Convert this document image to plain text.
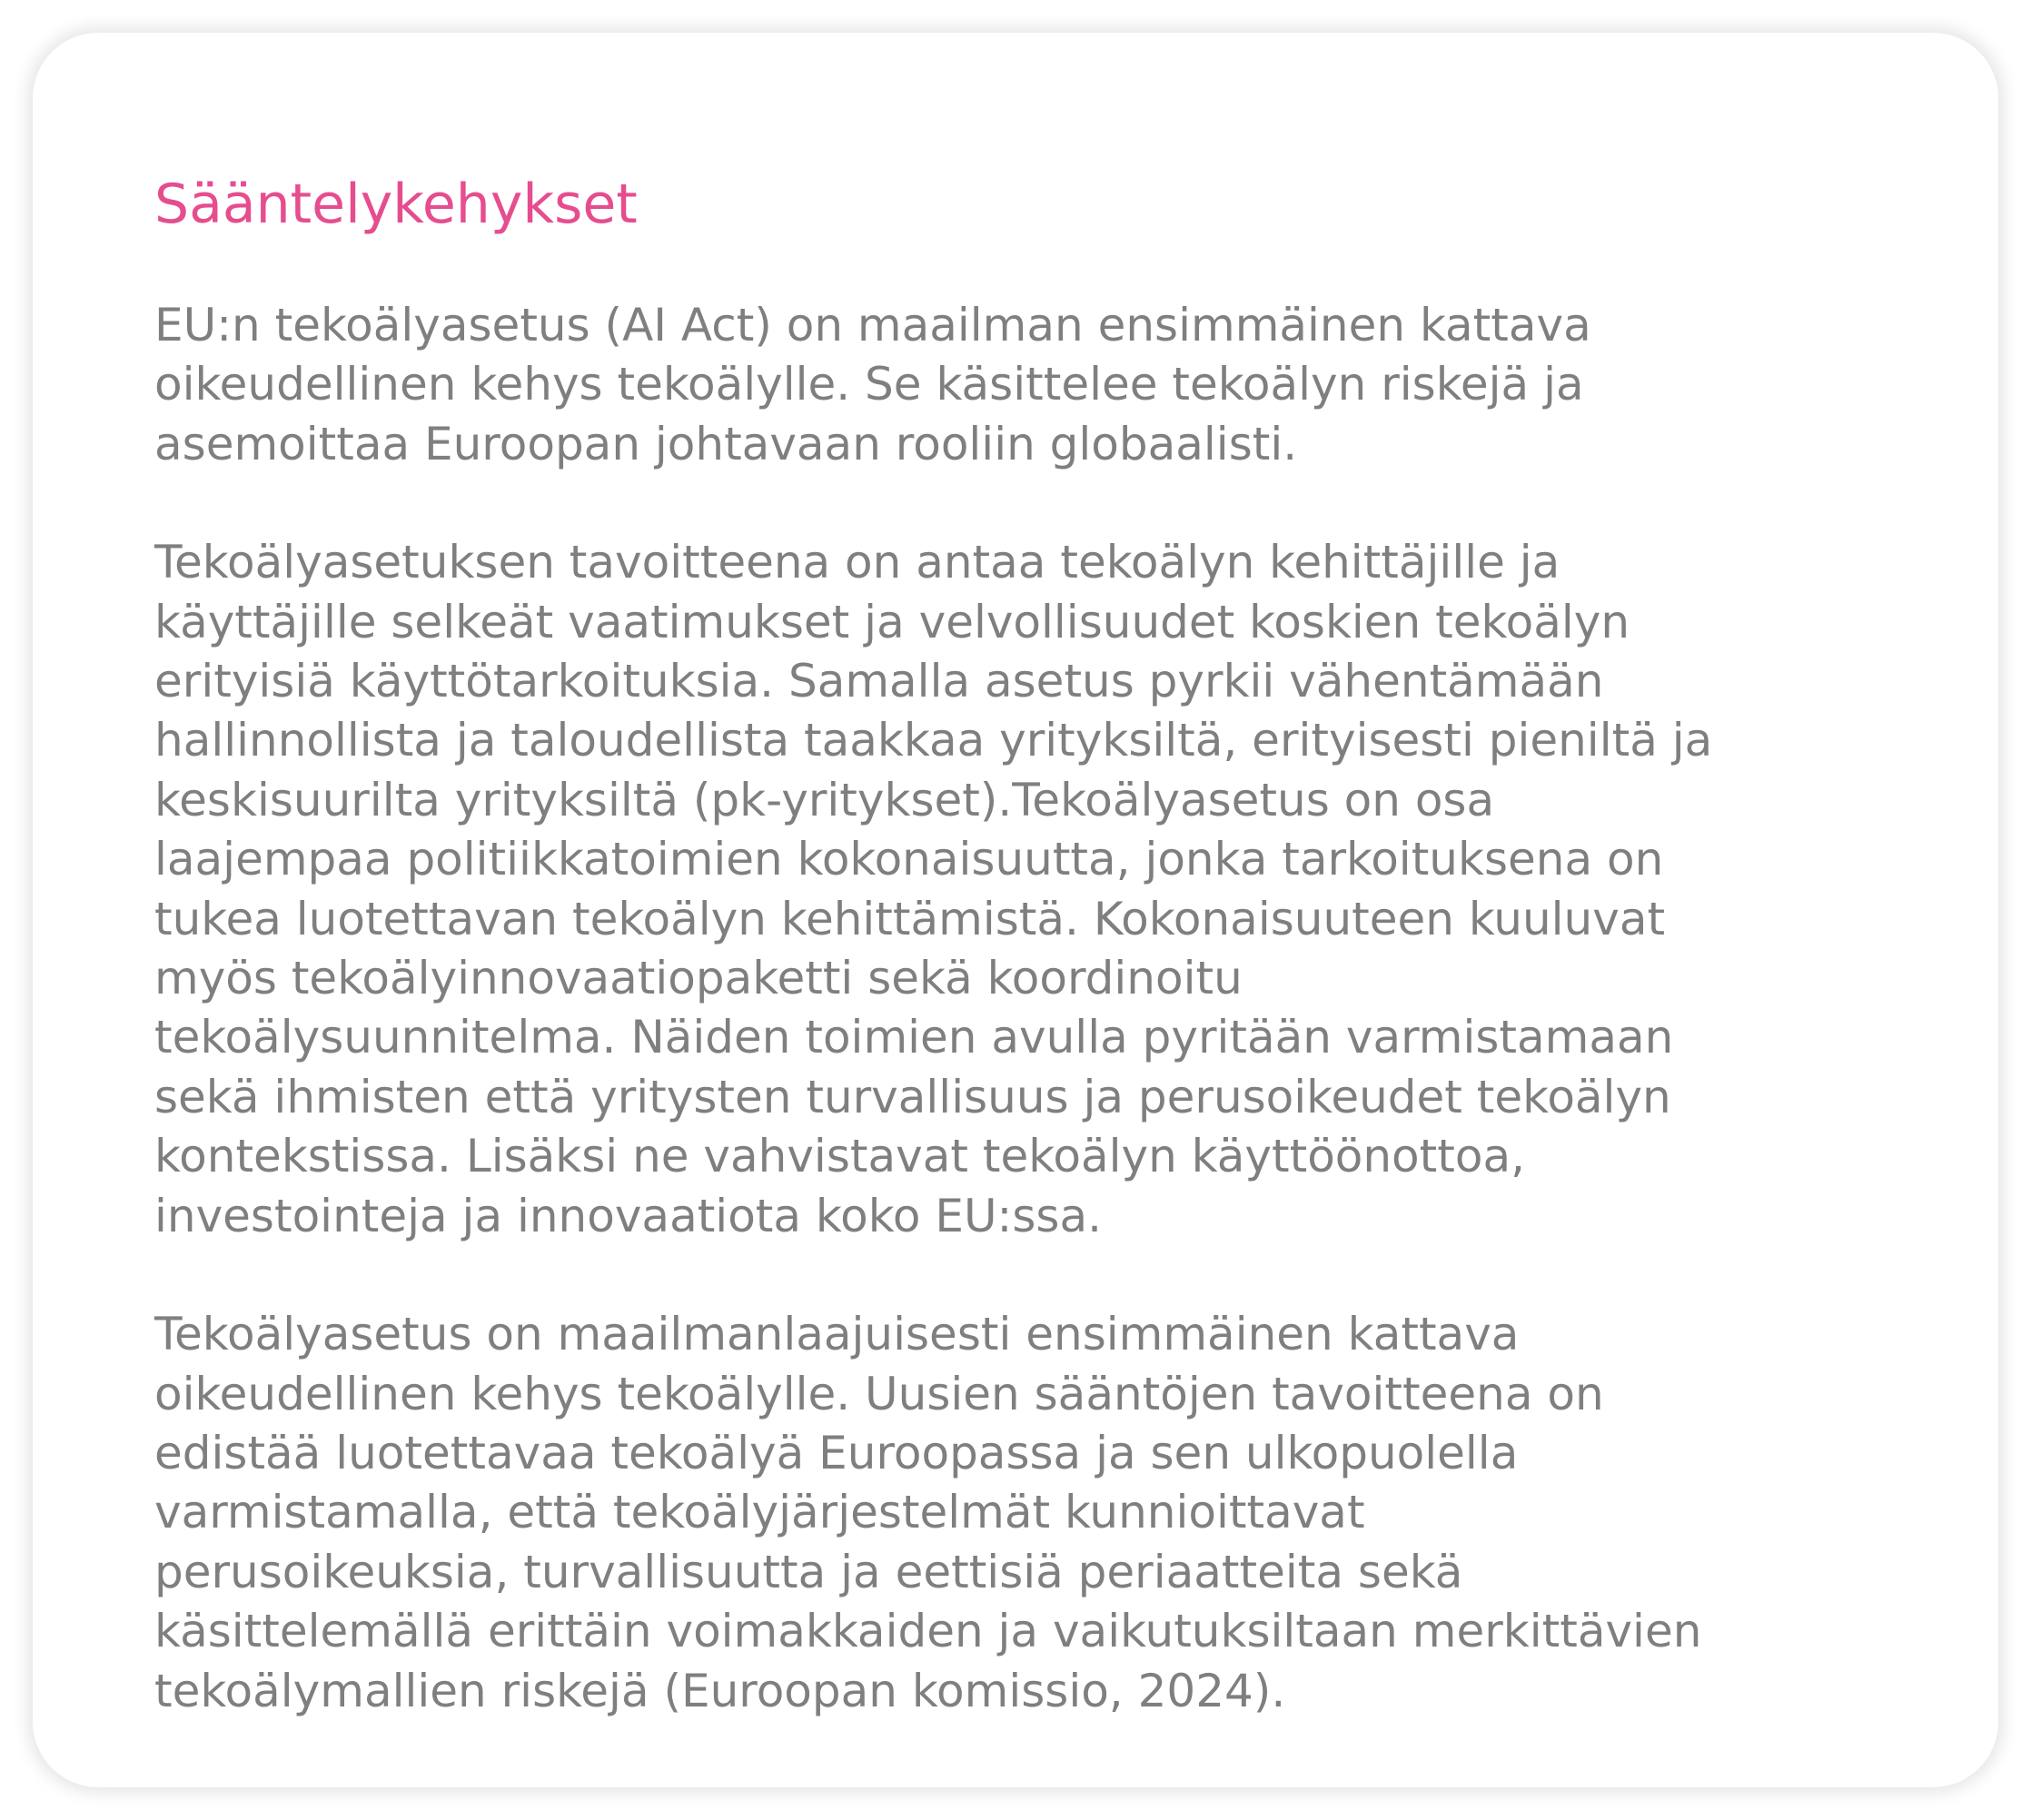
Sääntelykehykset

EU:n tekoälyasetus (AI Act) on maailman ensimmäinen kattava
oikeudellinen kehys tekoälylle. Se käsittelee tekoälyn riskejä ja
asemoittaa Euroopan johtavaan rooliin globaalisti.

Tekoälyasetuksen tavoitteena on antaa tekoälyn kehittäjille ja
käyttäjille selkeät vaatimukset ja velvollisuudet koskien tekoälyn
erityisiä käyttötarkoituksia. Samalla asetus pyrkii vähentämään
hallinnollista ja taloudellista taakkaa yrityksiltä, erityisesti pieniltä ja
keskisuurilta yrityksiltä (pk-yritykset).Tekoälyasetus on osa
laajempaa politiikkatoimien kokonaisuutta, jonka tarkoituksena on
tukea luotettavan tekoälyn kehittämistä. Kokonaisuuteen kuuluvat
myös tekoälyinnovaatiopaketti sekä koordinoitu
tekoälysuunnitelma. Näiden toimien avulla pyritään varmistamaan
sekä ihmisten että yritysten turvallisuus ja perusoikeudet tekoälyn
kontekstissa. Lisäksi ne vahvistavat tekoälyn käyttöönottoa,
investointeja ja innovaatiota koko EU:ssa.

Tekoälyasetus on maailmanlaajuisesti ensimmäinen kattava
oikeudellinen kehys tekoälylle. Uusien sääntöjen tavoitteena on
edistää luotettavaa tekoälyä Euroopassa ja sen ulkopuolella
varmistamalla, että tekoälyjärjestelmät kunnioittavat
perusoikeuksia, turvallisuutta ja eettisiä periaatteita sekä
käsittelemällä erittäin voimakkaiden ja vaikutuksiltaan merkittävien
tekoälymallien riskejä (Euroopan komissio, 2024).
